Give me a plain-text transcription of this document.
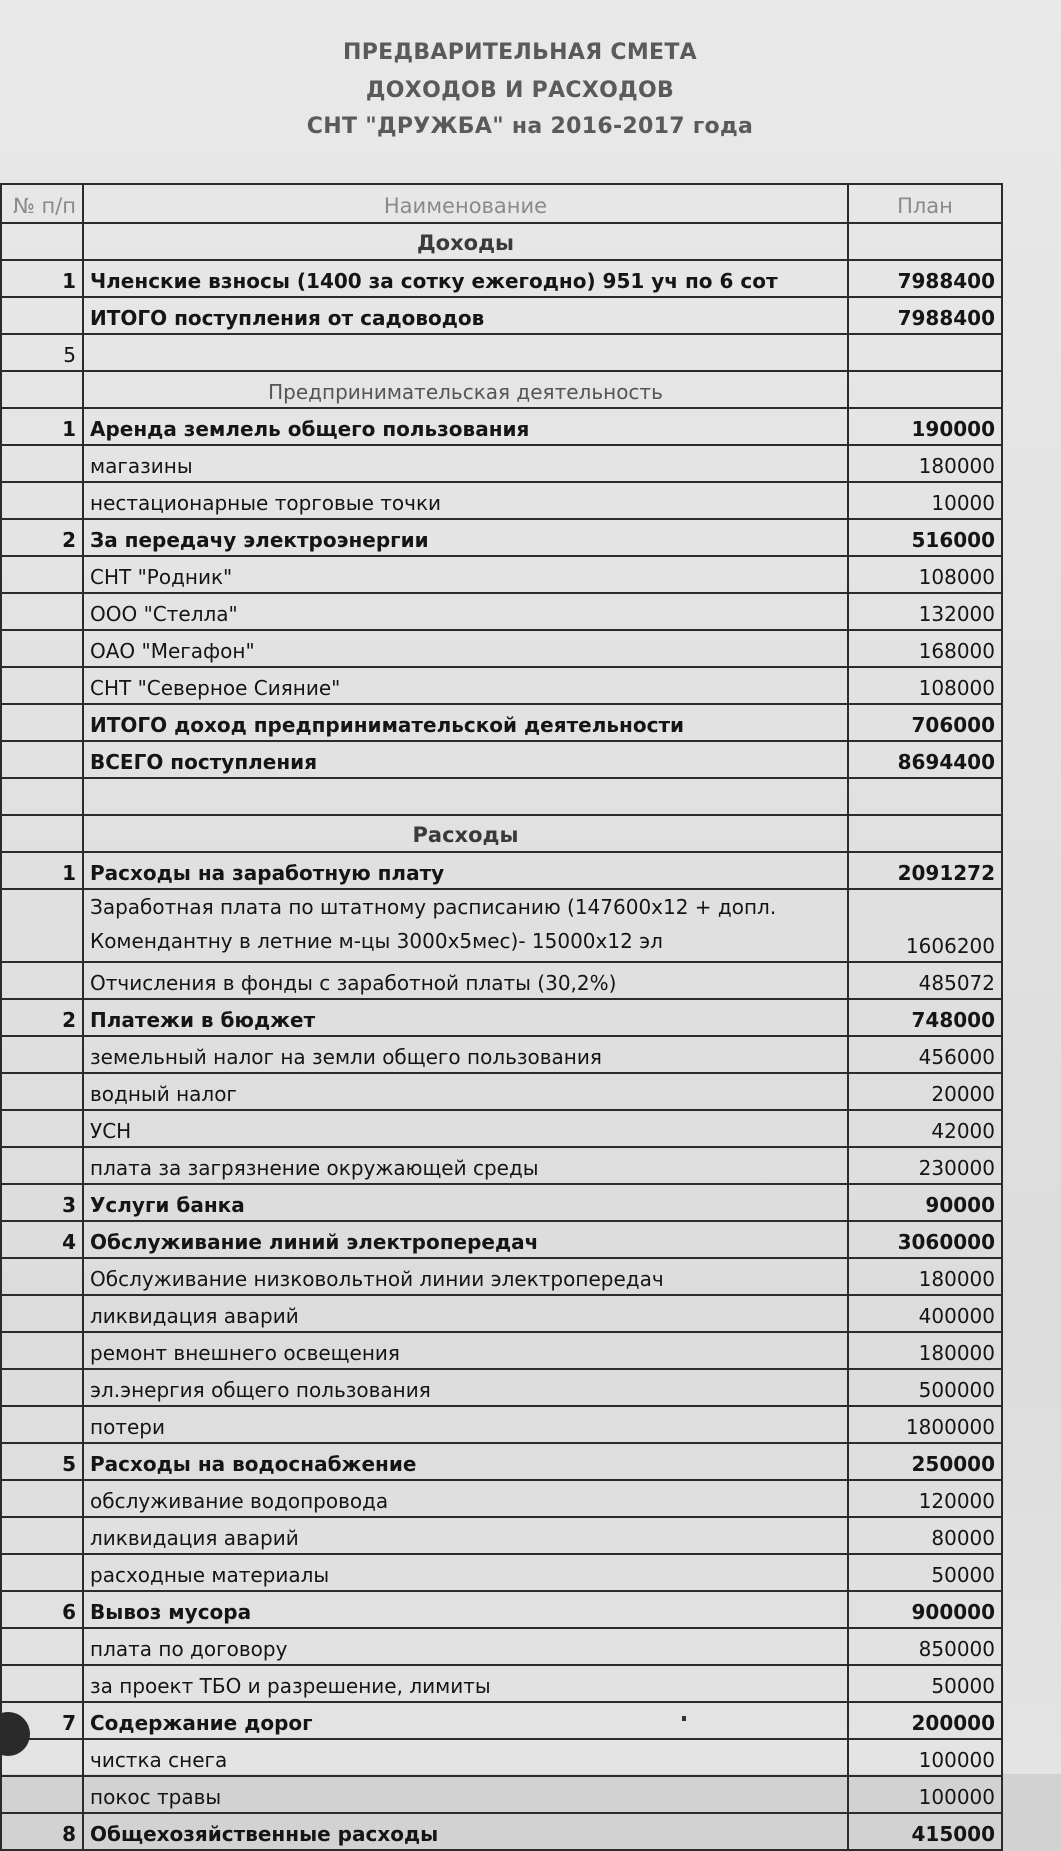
ПРЕДВАРИТЕЛЬНАЯ СМЕТА
ДОХОДОВ И РАСХОДОВ
СНТ "ДРУЖБА" на 2016-2017 года
№ п/п	Наименование	План
	Доходы	
1	Членские взносы (1400 за сотку ежегодно) 951 уч по 6 сот	7988400
	ИТОГО поступления от садоводов	7988400
5		
	Предпринимательская деятельность	
1	Аренда землель общего пользования	190000
	магазины	180000
	нестационарные торговые точки	10000
2	За передачу электроэнергии	516000
	СНТ "Родник"	108000
	ООО "Стелла"	132000
	ОАО "Мегафон"	168000
	СНТ "Северное Сияние"	108000
	ИТОГО доход предпринимательской деятельности	706000
	ВСЕГО поступления	8694400

	Расходы	
1	Расходы на заработную плату	2091272

	Заработная плата по штатному расписанию (147600х12 + допл.
Комендантну в летние м-цы 3000х5мес)- 15000х12 эл	1606200
	Отчисления в фонды с заработной платы (30,2%)	485072
2	Платежи в бюджет	748000
	земельный налог на земли общего пользования	456000
	водный налог	20000
	УСН	42000
	плата за загрязнение окружающей среды	230000
3	Услуги банка	90000
4	Обслуживание линий электропередач	3060000
	Обслуживание низковольтной линии электропередач	180000
	ликвидация аварий	400000
	ремонт внешнего освещения	180000
	эл.энергия общего пользования	500000
	потери	1800000
5	Расходы на водоснабжение	250000
	обслуживание водопровода	120000
	ликвидация аварий	80000
	расходные материалы	50000
6	Вывоз мусора	900000
	плата по договору	850000
	за проект ТБО и разрешение, лимиты	50000
7	Содержание дорог	200000
	чистка снега	100000
	покос травы	100000
8	Общехозяйственные расходы	415000
